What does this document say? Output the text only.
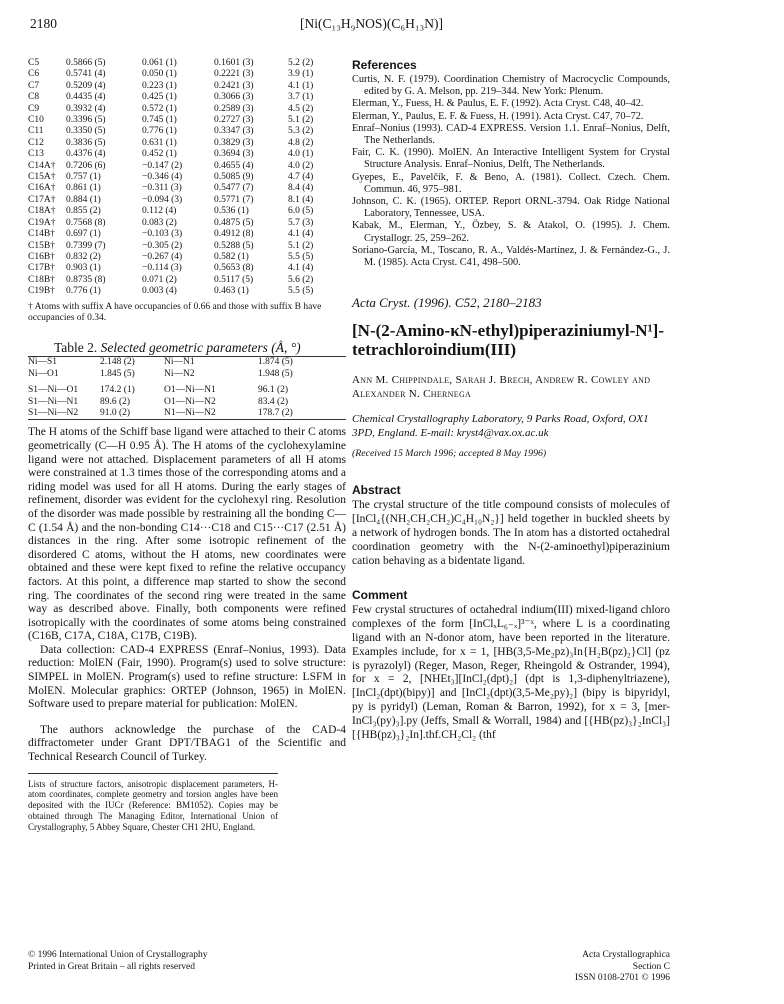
2180	[Ni(C₁₃H₉NOS)(C₆H₁₃N)]
C5	0.5866 (5)	0.061 (1)	0.1601 (3)	5.2 (2)
C6	0.5741 (4)	0.050 (1)	0.2221 (3)	3.9 (1)
C7	0.5209 (4)	0.223 (1)	0.2421 (3)	4.1 (1)
C8	0.4435 (4)	0.425 (1)	0.3066 (3)	3.7 (1)
C9	0.3932 (4)	0.572 (1)	0.2589 (3)	4.5 (2)
C10	0.3396 (5)	0.745 (1)	0.2727 (3)	5.1 (2)
C11	0.3350 (5)	0.776 (1)	0.3347 (3)	5.3 (2)
C12	0.3836 (5)	0.631 (1)	0.3829 (3)	4.8 (2)
C13	0.4376 (4)	0.452 (1)	0.3694 (3)	4.0 (1)
C14A†	0.7206 (6)	−0.147 (2)	0.4655 (4)	4.0 (2)
C15A†	0.757 (1)	−0.346 (4)	0.5085 (9)	4.7 (4)
C16A†	0.861 (1)	−0.311 (3)	0.5477 (7)	8.4 (4)
C17A†	0.884 (1)	−0.094 (3)	0.5771 (7)	8.1 (4)
C18A†	0.855 (2)	0.112 (4)	0.536 (1)	6.0 (5)
C19A†	0.7568 (8)	0.083 (2)	0.4875 (5)	5.7 (3)
C14B†	0.697 (1)	−0.103 (3)	0.4912 (8)	4.1 (4)
C15B†	0.7399 (7)	−0.305 (2)	0.5288 (5)	5.1 (2)
C16B†	0.832 (2)	−0.267 (4)	0.582 (1)	5.5 (5)
C17B†	0.903 (1)	−0.114 (3)	0.5653 (8)	4.1 (4)
C18B†	0.8735 (8)	0.071 (2)	0.5117 (5)	5.6 (2)
C19B†	0.776 (1)	0.003 (4)	0.463 (1)	5.5 (5)
† Atoms with suffix A have occupancies of 0.66 and those with suffix B have occupancies of 0.34.
Table 2. Selected geometric parameters (Å, °)
Ni—S1	2.148 (2)	Ni—N1	1.874 (5)
Ni—O1	1.845 (5)	Ni—N2	1.948 (5)
S1—Ni—O1	174.2 (1)	O1—Ni—N1	96.1 (2)
S1—Ni—N1	89.6 (2)	O1—Ni—N2	83.4 (2)
S1—Ni—N2	91.0 (2)	N1—Ni—N2	178.7 (2)

The H atoms of the Schiff base ligand were attached to their C atoms geometrically (C—H 0.95 Å). The H atoms of the cyclohexylamine ligand were not attached. Displacement parameters of all H atoms were constrained at 1.3 times those of the corresponding atoms and a riding model was used for all H atoms. During the early stages of refinement, disorder was evident for the cyclohexyl ring. Resolution of the disorder was made possible by restraining all the bonding C—C (1.54 Å) and the non-bonding C14···C18 and C15···C17 (2.51 Å) distances in the ring. After some isotropic refinement of the disordered C atoms, without the H atoms, new coordinates were obtained and these were kept fixed to refine the relative occupancy factors. At this point, a difference map started to show the second ring. The coordinates of the second ring were treated in the same way as described above. Finally, both components were refined isotropically with the coordinates of some atoms being constrained (C16B, C17A, C18A, C17B, C19B).

Data collection: CAD-4 EXPRESS (Enraf–Nonius, 1993). Data reduction: MolEN (Fair, 1990). Program(s) used to solve structure: SIMPEL in MolEN. Program(s) used to refine structure: LSFM in MolEN. Molecular graphics: ORTEP (Johnson, 1965) in MolEN. Software used to prepare material for publication: MolEN.

The authors acknowledge the purchase of the CAD-4 diffractometer under Grant DPT/TBAG1 of the Scientific and Technical Research Council of Turkey.

Lists of structure factors, anisotropic displacement parameters, H-atom coordinates, complete geometry and torsion angles have been deposited with the IUCr (Reference: BM1052). Copies may be obtained through The Managing Editor, International Union of Crystallography, 5 Abbey Square, Chester CH1 2HU, England.
References
Curtis, N. F. (1979). Coordination Chemistry of Macrocyclic Compounds, edited by G. A. Melson, pp. 219–344. New York: Plenum.
Elerman, Y., Fuess, H. & Paulus, E. F. (1992). Acta Cryst. C48, 40–42.
Elerman, Y., Paulus, E. F. & Fuess, H. (1991). Acta Cryst. C47, 70–72.
Enraf–Nonius (1993). CAD-4 EXPRESS. Version 1.1. Enraf–Nonius, Delft, The Netherlands.
Fair, C. K. (1990). MolEN. An Interactive Intelligent System for Crystal Structure Analysis. Enraf–Nonius, Delft, The Netherlands.
Gyepes, E., Pavelčík, F. & Beno, A. (1981). Collect. Czech. Chem. Commun. 46, 975–981.
Johnson, C. K. (1965). ORTEP. Report ORNL-3794. Oak Ridge National Laboratory, Tennessee, USA.
Kabak, M., Elerman, Y., Özbey, S. & Atakol, O. (1995). J. Chem. Crystallogr. 25, 259–262.
Soriano-García, M., Toscano, R. A., Valdés-Martínez, J. & Fernández-G., J. M. (1985). Acta Cryst. C41, 498–500.
Acta Cryst. (1996). C52, 2180–2183
[N-(2-Amino-κN-ethyl)piperaziniumyl-N¹]-tetrachloroindium(III)
Ann M. Chippindale, Sarah J. Brech, Andrew R. Cowley and Alexander N. Chernega
Chemical Crystallography Laboratory, 9 Parks Road, Oxford, OX1 3PD, England. E-mail: kryst4@vax.ox.ac.uk
(Received 15 March 1996; accepted 8 May 1996)
Abstract

The crystal structure of the title compound consists of molecules of [InCl₄{(NH₂CH₂CH₂)C₄H₁₀N₂}] held together in buckled sheets by a network of hydrogen bonds. The In atom has a distorted octahedral coordination geometry with the N-(2-aminoethyl)piperazinium cation behaving as a bidentate ligand.

Comment

Few crystal structures of octahedral indium(III) mixed-ligand chloro complexes of the form [InClₓL₆₋ₓ]³⁻ˣ, where L is a coordinating ligand with an N-donor atom, have been reported in the literature. Examples include, for x = 1, [HB(3,5-Me₂pz)₃In{H₂B(pz)₂}Cl] (pz is pyrazolyl) (Reger, Mason, Reger, Rheingold & Ostrander, 1994), for x = 2, [NHEt₃][InCl₂(dpt)₂] (dpt is 1,3-diphenyltriazene), [InCl₂(dpt)(bipy)] and [InCl₂(dpt)(3,5-Me₂py)₂] (bipy is bipyridyl, py is pyridyl) (Leman, Roman & Barron, 1992), for x = 3, [mer-InCl₃(py)₃].py (Jeffs, Small & Worrall, 1984) and [{HB(pz)₃}₂InCl₃][{HB(pz)₃}₂In].thf.CH₂Cl₂ (thf

© 1996 International Union of Crystallography
Printed in Great Britain – all rights reserved
Acta Crystallographica Section C
ISSN 0108-2701 © 1996
